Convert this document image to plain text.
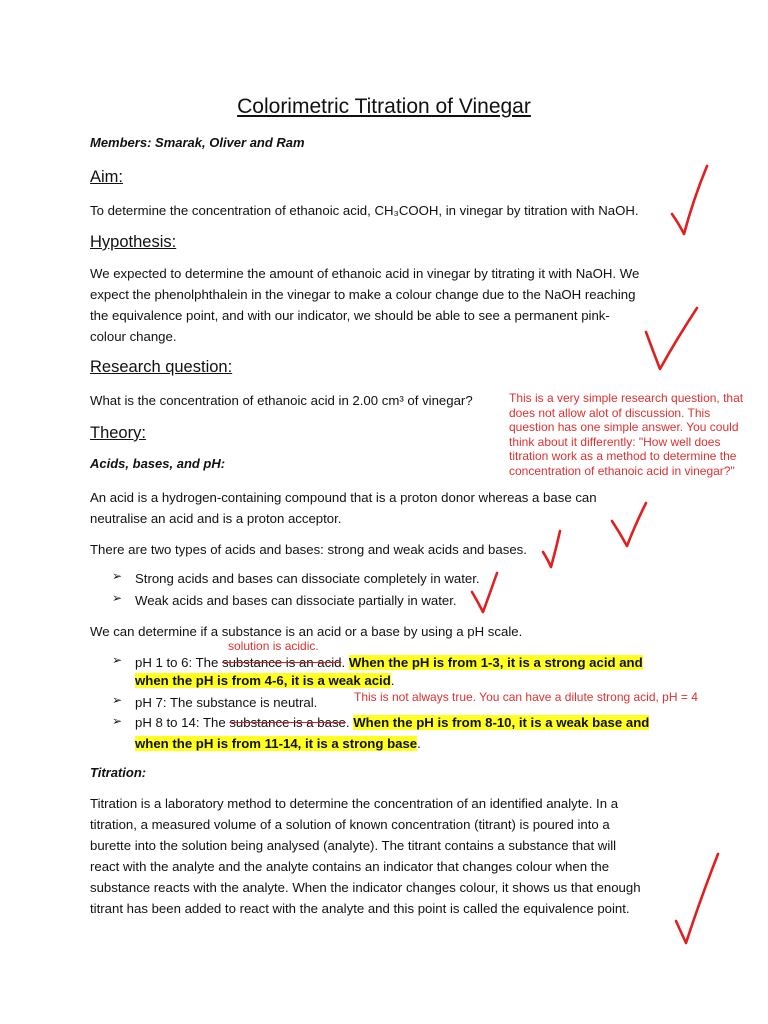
Colorimetric Titration of Vinegar
Members: Smarak, Oliver and Ram
Aim:
To determine the concentration of ethanoic acid, CH₃COOH, in vinegar by titration with NaOH.
Hypothesis:
We expected to determine the amount of ethanoic acid in vinegar by titrating it with NaOH. We
expect the phenolphthalein in the vinegar to make a colour change due to the NaOH reaching
the equivalence point, and with our indicator, we should be able to see a permanent pink-
colour change.
Research question:
What is the concentration of ethanoic acid in 2.00 cm³ of vinegar?
Theory:
Acids, bases, and pH:
An acid is a hydrogen-containing compound that is a proton donor whereas a base can
neutralise an acid and is a proton acceptor.
There are two types of acids and bases: strong and weak acids and bases.
➢ Strong acids and bases can dissociate completely in water.
➢ Weak acids and bases can dissociate partially in water.
We can determine if a substance is an acid or a base by using a pH scale.
➢ pH 1 to 6: The substance is an acid. When the pH is from 1-3, it is a strong acid and
when the pH is from 4-6, it is a weak acid.
➢ pH 7: The substance is neutral.
➢ pH 8 to 14: The substance is a base. When the pH is from 8-10, it is a weak base and
when the pH is from 11-14, it is a strong base.
Titration:
Titration is a laboratory method to determine the concentration of an identified analyte. In a
titration, a measured volume of a solution of known concentration (titrant) is poured into a
burette into the solution being analysed (analyte). The titrant contains a substance that will
react with the analyte and the analyte contains an indicator that changes colour when the
substance reacts with the analyte. When the indicator changes colour, it shows us that enough
titrant has been added to react with the analyte and this point is called the equivalence point.
This is a very simple research question, that
does not allow alot of discussion. This
question has one simple answer. You could
think about it differently: "How well does
titration work as a method to determine the
concentration of ethanoic acid in vinegar?"
solution is acidic.
This is not always true. You can have a dilute strong acid, pH = 4
